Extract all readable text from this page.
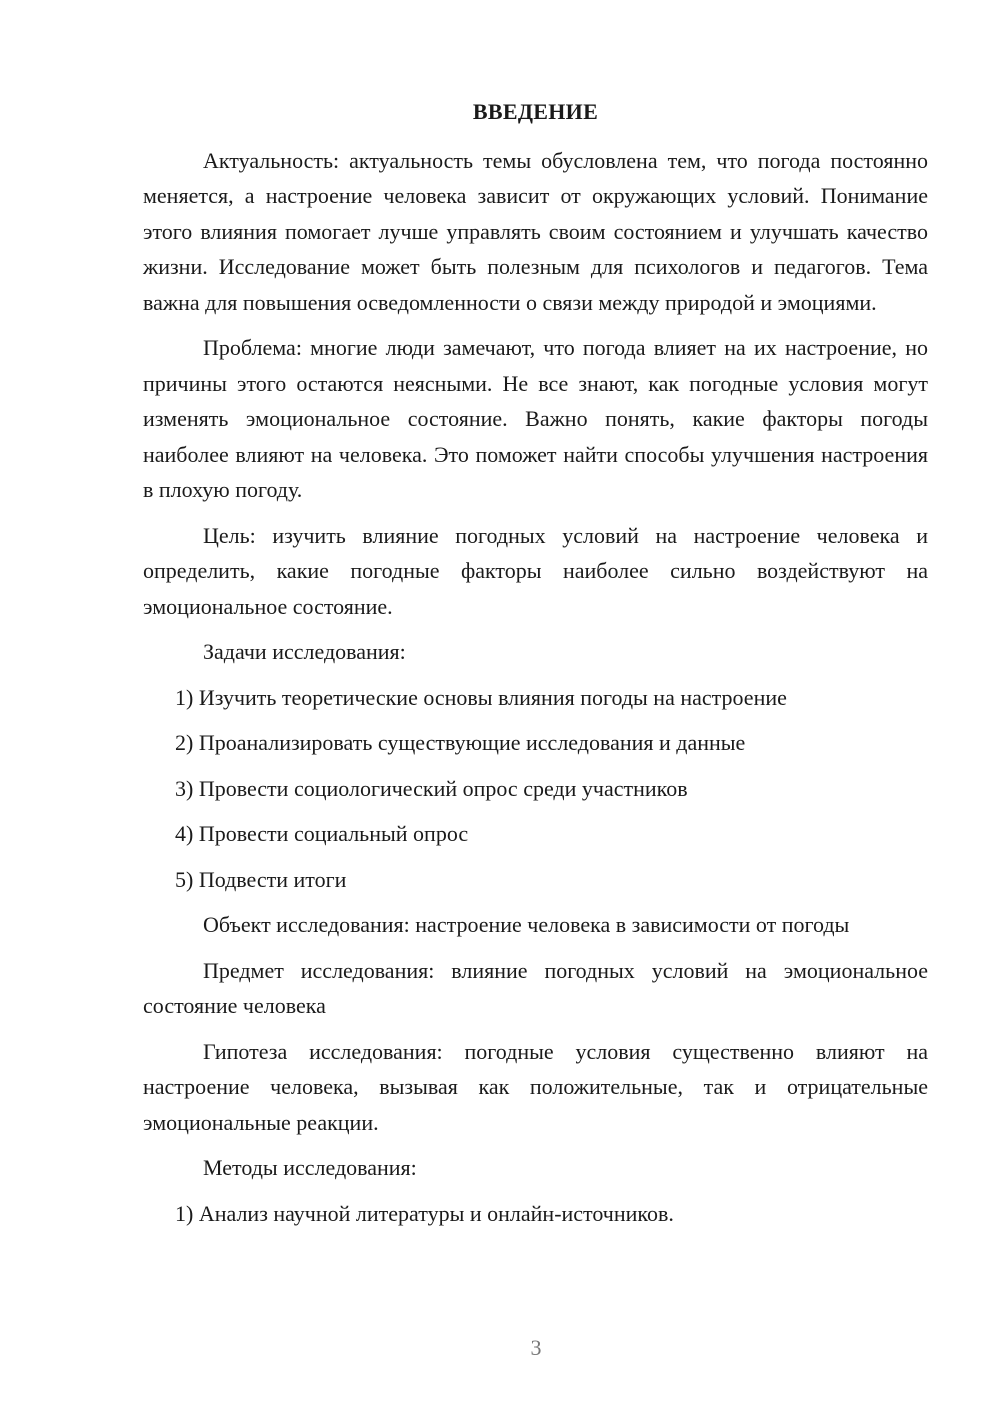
ВВЕДЕНИЕ

Актуальность: актуальность темы обусловлена тем, что погода постоянно меняется, а настроение человека зависит от окружающих условий. Понимание этого влияния помогает лучше управлять своим состоянием и улучшать качество жизни. Исследование может быть полезным для психологов и педагогов. Тема важна для повышения осведомленности о связи между природой и эмоциями.

Проблема: многие люди замечают, что погода влияет на их настроение, но причины этого остаются неясными. Не все знают, как погодные условия могут изменять эмоциональное состояние. Важно понять, какие факторы погоды наиболее влияют на человека. Это поможет найти способы улучшения настроения в плохую погоду.

Цель: изучить влияние погодных условий на настроение человека и определить, какие погодные факторы наиболее сильно воздействуют на эмоциональное состояние.

Задачи исследования:

1) Изучить теоретические основы влияния погоды на настроение
2) Проанализировать существующие исследования и данные
3) Провести социологический опрос среди участников
4) Провести социальный опрос
5) Подвести итоги

Объект исследования: настроение человека в зависимости от погоды

Предмет исследования: влияние погодных условий на эмоциональное состояние человека

Гипотеза исследования: погодные условия существенно влияют на настроение человека, вызывая как положительные, так и отрицательные эмоциональные реакции.

Методы исследования:

1) Анализ научной литературы и онлайн-источников.
3
